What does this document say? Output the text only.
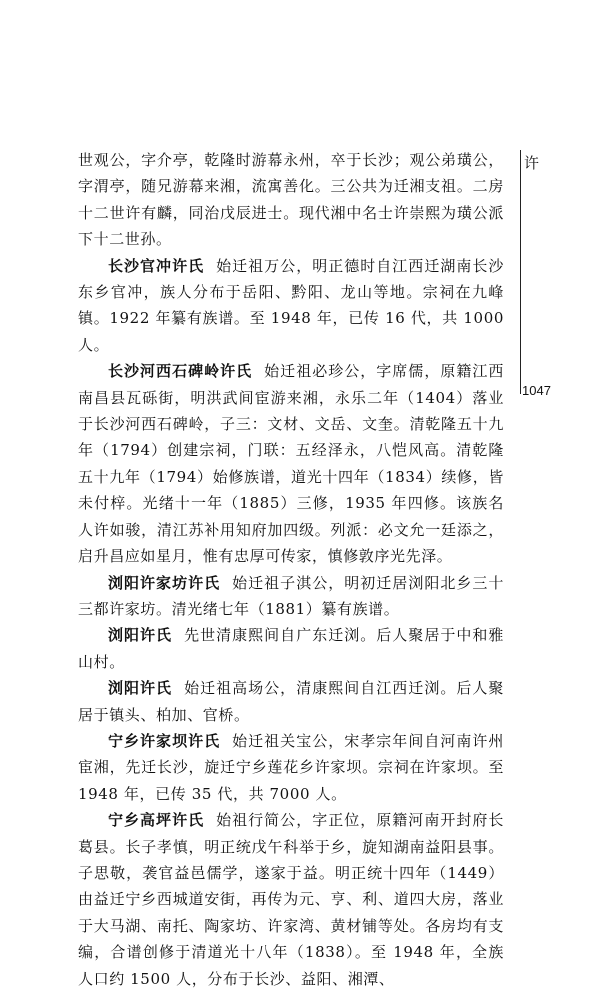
世观公，字介亭，乾隆时游幕永州，卒于长沙；观公弟璜公，字渭亭，随兄游幕来湘，流寓善化。三公共为迁湘支祖。二房十二世许有麟，同治戊辰进士。现代湘中名士许崇熙为璜公派下十二世孙。

长沙官冲许氏 始迁祖万公，明正德时自江西迁湖南长沙东乡官冲，族人分布于岳阳、黔阳、龙山等地。宗祠在九峰镇。1922 年纂有族谱。至 1948 年，已传 16 代，共 1000 人。

长沙河西石碑岭许氏 始迁祖必珍公，字席儒，原籍江西南昌县瓦砾街，明洪武间宦游来湘，永乐二年（1404）落业于长沙河西石碑岭，子三：文材、文岳、文奎。清乾隆五十九年（1794）创建宗祠，门联：五经泽永，八恺风高。清乾隆五十九年（1794）始修族谱，道光十四年（1834）续修，皆未付梓。光绪十一年（1885）三修，1935 年四修。该族名人许如骏，清江苏补用知府加四级。列派：必文允一廷添之，启升昌应如星月，惟有忠厚可传家，慎修敦序光先泽。

浏阳许家坊许氏 始迁祖子淇公，明初迁居浏阳北乡三十三都许家坊。清光绪七年（1881）纂有族谱。

浏阳许氏 先世清康熙间自广东迁浏。后人聚居于中和雅山村。

浏阳许氏 始迁祖高场公，清康熙间自江西迁浏。后人聚居于镇头、柏加、官桥。

宁乡许家坝许氏 始迁祖关宝公，宋孝宗年间自河南许州宦湘，先迁长沙，旋迁宁乡莲花乡许家坝。宗祠在许家坝。至 1948 年，已传 35 代，共 7000 人。

宁乡高坪许氏 始祖行简公，字正位，原籍河南开封府长葛县。长子孝慎，明正统戊午科举于乡，旋知湖南益阳县事。子思敬，袭官益邑儒学，遂家于益。明正统十四年（1449）由益迁宁乡西城道安街，再传为元、亨、利、道四大房，落业于大马湖、南托、陶家坊、许家湾、黄材铺等处。各房均有支编，合谱创修于清道光十八年（1838）。至 1948 年，全族人口约 1500 人，分布于长沙、益阳、湘潭、

许
1047
